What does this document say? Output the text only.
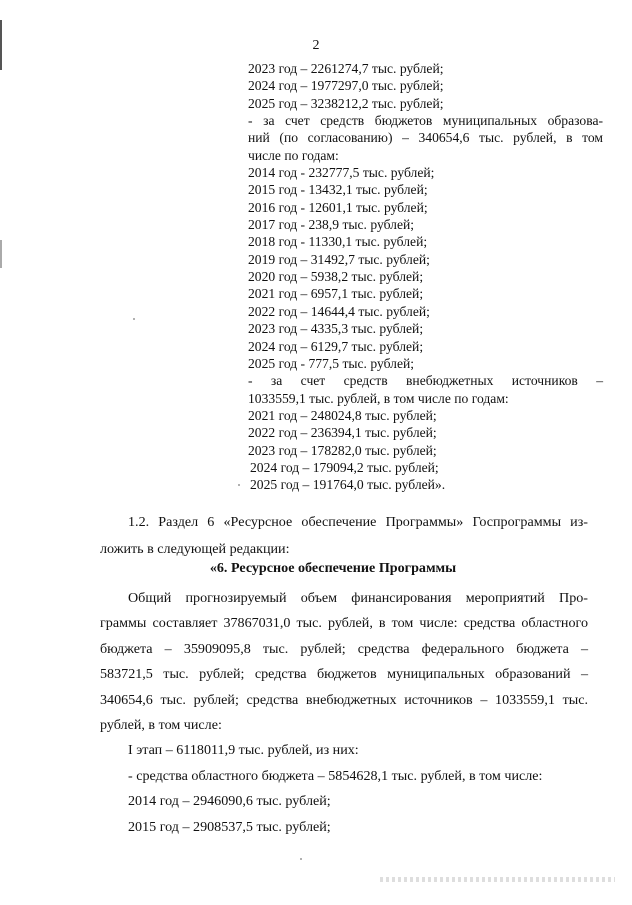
2
2023 год – 2261274,7 тыс. рублей;
2024 год – 1977297,0 тыс. рублей;
2025 год – 3238212,2 тыс. рублей;
- за счет средств бюджетов муниципальных образова-
ний (по согласованию) – 340654,6 тыс. рублей, в том
числе по годам:
2014 год - 232777,5 тыс. рублей;
2015 год - 13432,1 тыс. рублей;
2016 год - 12601,1 тыс. рублей;
2017 год - 238,9 тыс. рублей;
2018 год - 11330,1 тыс. рублей;
2019 год – 31492,7 тыс. рублей;
2020 год – 5938,2 тыс. рублей;
2021 год – 6957,1 тыс. рублей;
2022 год – 14644,4 тыс. рублей;
2023 год – 4335,3 тыс. рублей;
2024 год – 6129,7 тыс. рублей;
2025 год - 777,5 тыс. рублей;
- за счет средств внебюджетных источников –
1033559,1 тыс. рублей, в том числе по годам:
2021 год – 248024,8 тыс. рублей;
2022 год – 236394,1 тыс. рублей;
2023 год – 178282,0 тыс. рублей;
2024 год – 179094,2 тыс. рублей;
2025 год – 191764,0 тыс. рублей».
1.2. Раздел 6 «Ресурсное обеспечение Программы» Госпрограммы из-
ложить в следующей редакции:
«6. Ресурсное обеспечение Программы
Общий прогнозируемый объем финансирования мероприятий Про-
граммы составляет 37867031,0 тыс. рублей, в том числе: средства областного
бюджета – 35909095,8 тыс. рублей; средства федерального бюджета –
583721,5 тыс. рублей; средства бюджетов муниципальных образований –
340654,6 тыс. рублей; средства внебюджетных источников – 1033559,1 тыс.
рублей, в том числе:
I этап – 6118011,9 тыс. рублей, из них:
- средства областного бюджета – 5854628,1 тыс. рублей, в том числе:
2014 год – 2946090,6 тыс. рублей;
2015 год – 2908537,5 тыс. рублей;
